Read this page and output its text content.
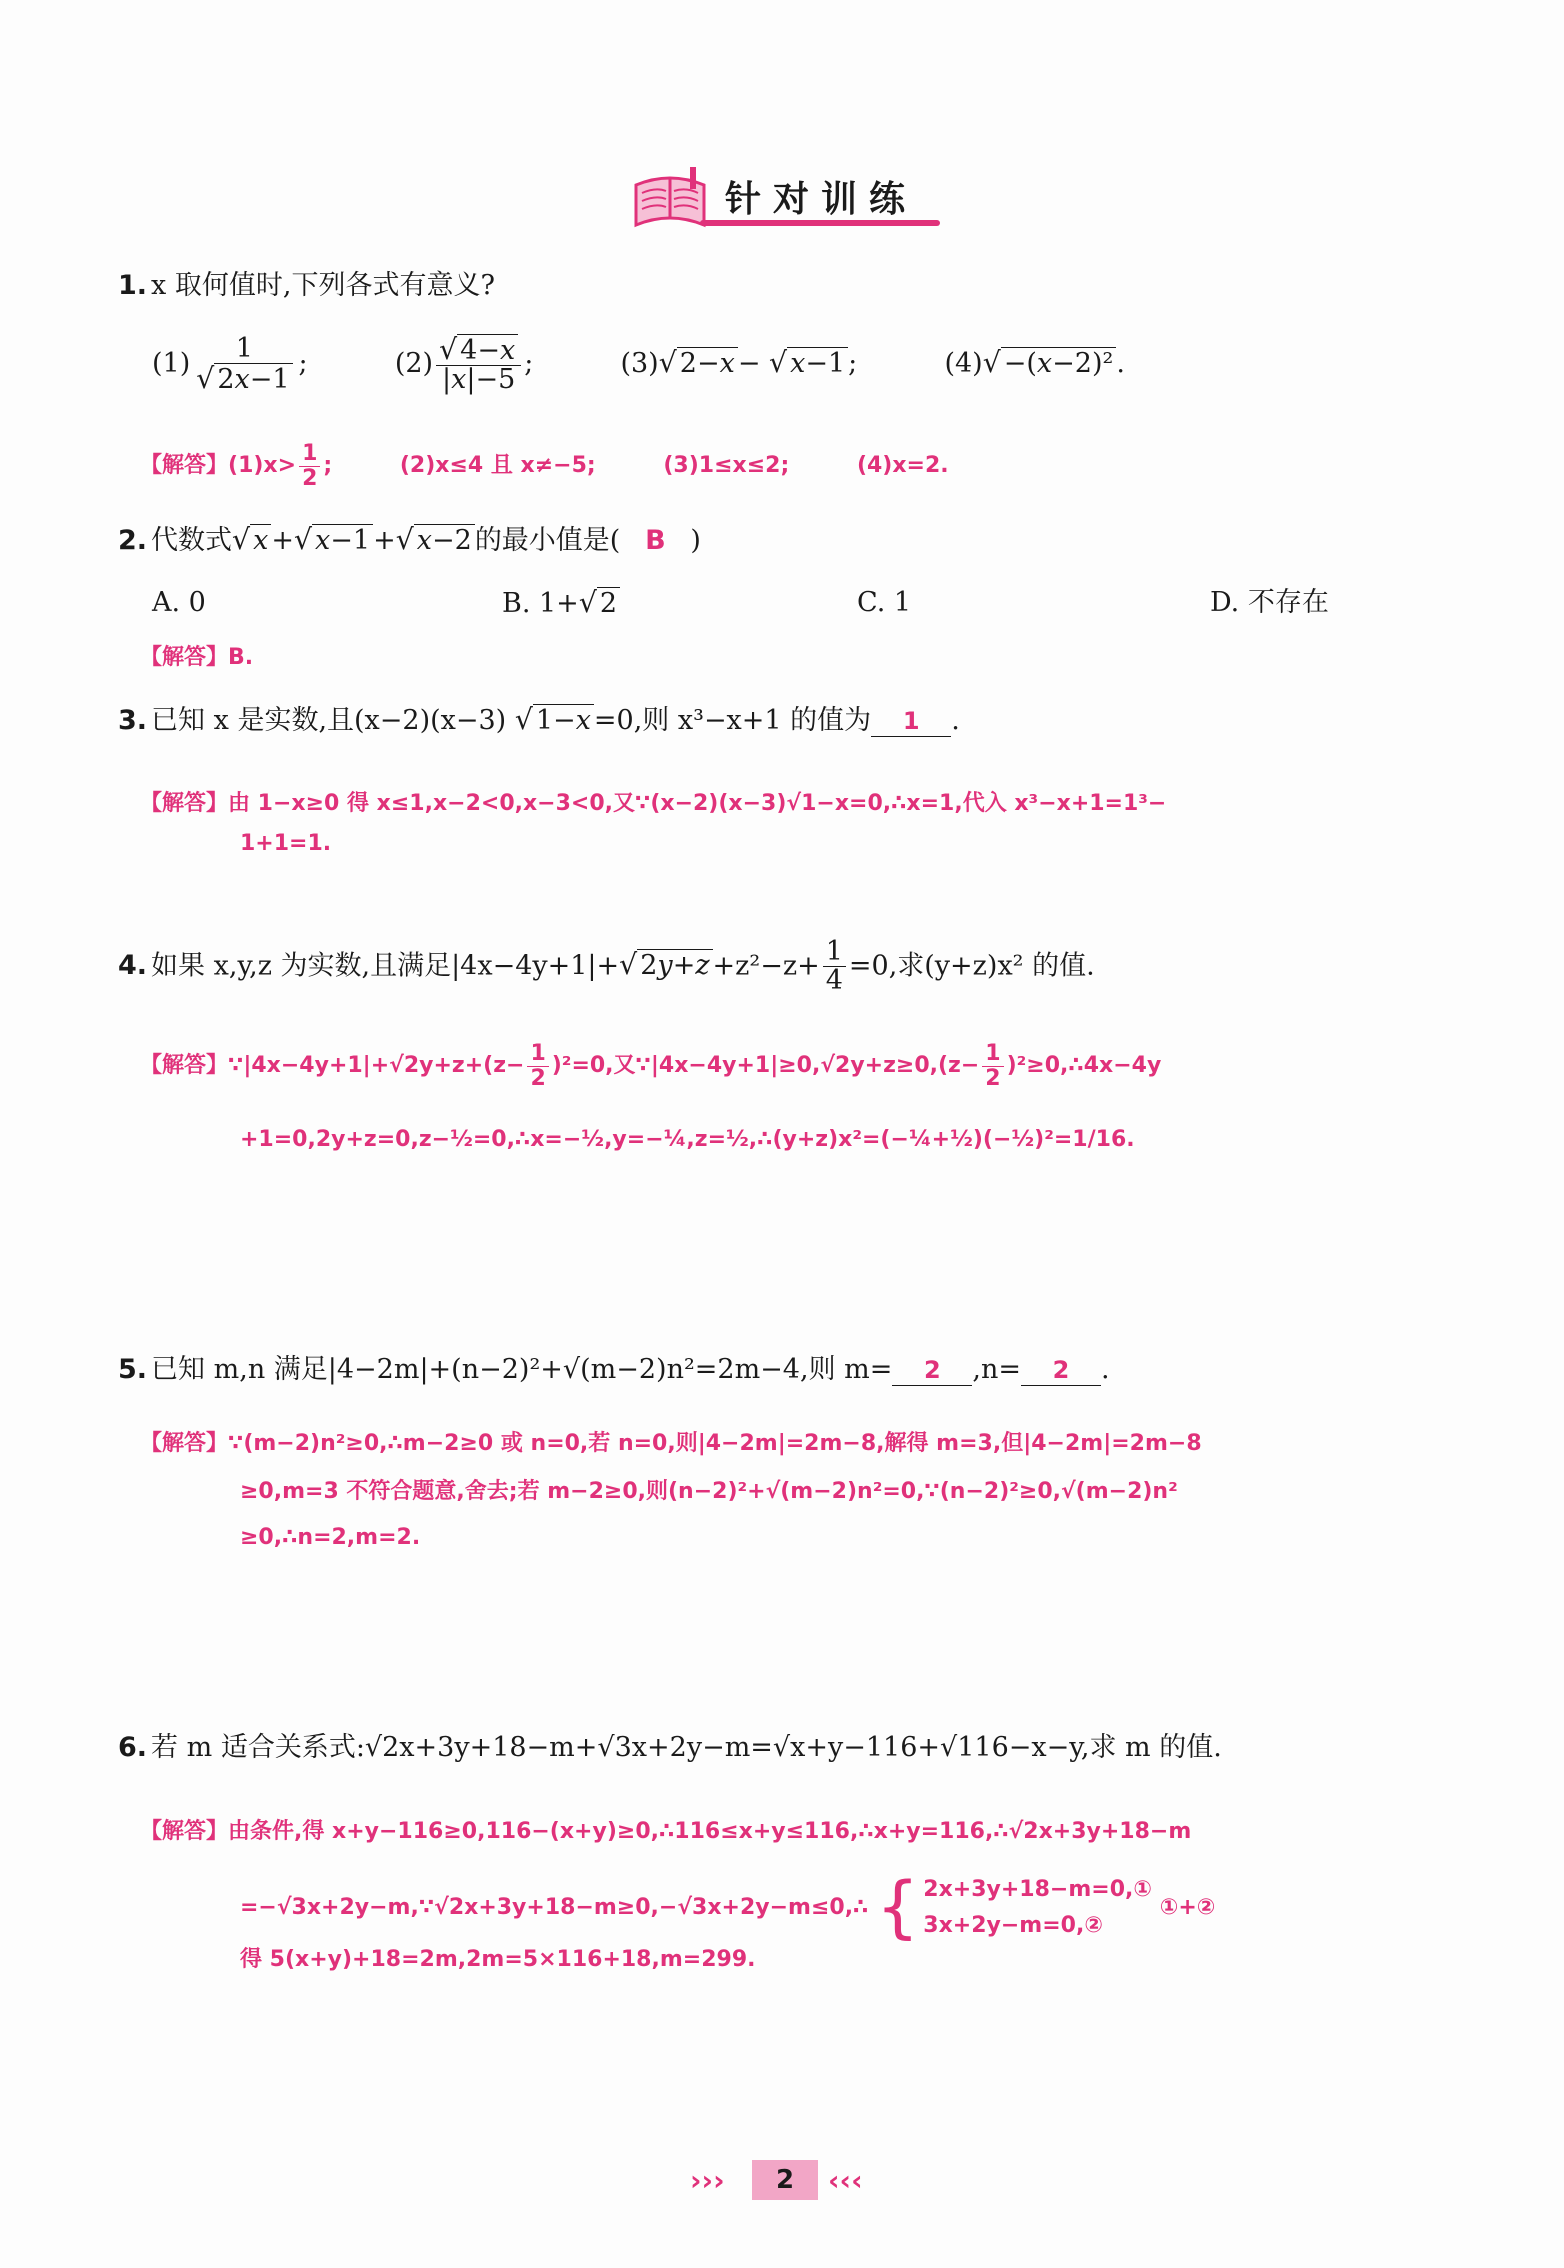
针对训练
1. x 取何值时,下列各式有意义?
$(1) \frac{1}{√ 2x-1}$ ;	$(2) \frac{√ 4-x}{|x|-5}$ ;	(3)√ 2−x − √ x−1 ;	(4)√ −(x−2)² .
【解答】$(1)x> \frac{1}{2}$ ;	(2)x≤4 且 x≠−5;	(3)1≤x≤2;	(4)x=2.
2. 代数式√ x +√ x−1 +√ x−2 的最小值是( B )
A. 0	B. 1+√ 2	C. 1	D. 不存在
【解答】B.
3. 已知 x 是实数,且(x−2)(x−3) √ 1−x =0,则 x³−x+1 的值为 1 .
【解答】由 1−x≥0 得 x≤1,x−2<0,x−3<0,又∵(x−2)(x−3)√1−x=0,∴x=1,代入 x³−x+1=1³−
1+1=1.
4. 如果 x,y,z 为实数,且满足|4x−4y+1|+√ $2y+z +z^2-z+ \frac{1}{4} =0$,求(y+z)x² 的值.
【解答】∵|4x−4y+1|+√2y+z+(z− $\frac{1}{2} )^2=0$,又∵|4x−4y+1|≥0,√2y+z≥0,(z− $\frac{1}{2}$ )²≥0,∴4x−4y
+1=0,2y+z=0,z−½=0,∴x=−½,y=−¼,z=½,∴(y+z)x²=(−¼+½)(−½)²=1/16.
5. 已知 m,n 满足|4−2m|+(n−2)²+√(m−2)n²=2m−4,则 m= 2 ,n= 2 .
【解答】∵(m−2)n²≥0,∴m−2≥0 或 n=0,若 n=0,则|4−2m|=2m−8,解得 m=3,但|4−2m|=2m−8
≥0,m=3 不符合题意,舍去;若 m−2≥0,则(n−2)²+√(m−2)n²=0,∵(n−2)²≥0,√(m−2)n²
≥0,∴n=2,m=2.
6. 若 m 适合关系式:√2x+3y+18−m+√3x+2y−m=√x+y−116+√116−x−y,求 m 的值.
【解答】由条件,得 x+y−116≥0,116−(x+y)≥0,∴116≤x+y≤116,∴x+y=116,∴√2x+3y+18−m
=−√3x+2y−m,∵√2x+3y+18−m≥0,−√3x+2y−m≤0,∴ { 2x+3y+18−m=0,①
3x+2y−m=0,②
①+②
得 5(x+y)+18=2m,2m=5×116+18,m=299.
›››	2	‹‹‹
